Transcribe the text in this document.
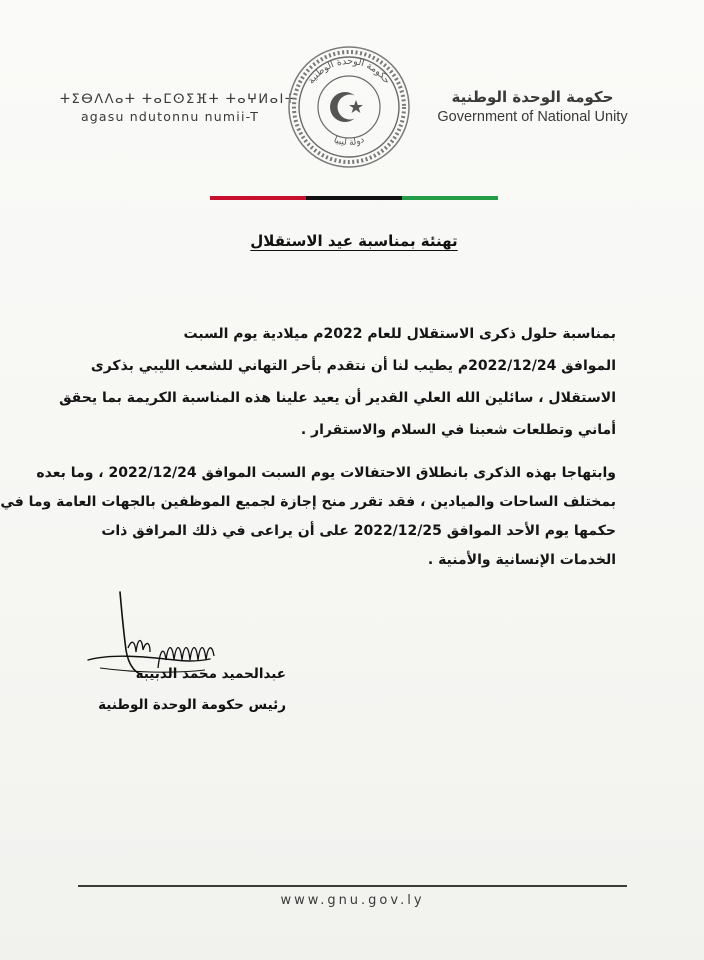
ⵜⵉⴱⴷⴷⴰⵜ ⵜⴰⵎⵙⵉⴼⵜ ⵜⴰⵖⵍⴰⵏⵜ
agasu ndutonnu numii-T
حكومة الوحدة الوطنية
دولة ليبيا
حكومة الوحدة الوطنية
Government of National Unity
تهنئة بمناسبة عيد الاستقلال

بمناسبة حلول ذكرى الاستقلال للعام 2022م ميلادية يوم السبت

الموافق 2022/12/24م يطيب لنا أن نتقدم بأحر التهاني للشعب الليبي بذكرى

الاستقلال ، سائلين الله العلي القدير أن يعيد علينا هذه المناسبة الكريمة بما يحقق

أماني وتطلعات شعبنا في السلام والاستقرار .

وابتهاجا بهذه الذكرى بانطلاق الاحتفالات يوم السبت الموافق 2022/12/24 ، وما بعده

بمختلف الساحات والميادين ، فقد تقرر منح إجازة لجميع الموظفين بالجهات العامة وما في

حكمها يوم الأحد الموافق 2022/12/25 على أن يراعى في ذلك المرافق ذات

الخدمات الإنسانية والأمنية .

عبدالحميد محمد الدبيبة
رئيس حكومة الوحدة الوطنية
www.gnu.gov.ly
